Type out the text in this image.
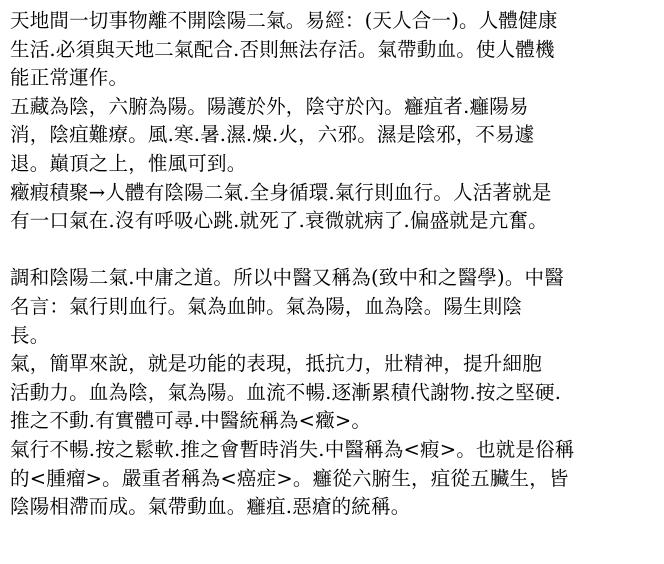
天地間一切事物離不開陰陽二氣。易經：(天人合一)。人體健康
生活.必須與天地二氣配合.否則無法存活。氣帶動血。使人體機
能正常運作。
五藏為陰，六腑為陽。陽護於外，陰守於內。癰疽者.癰陽易
消，陰疽難療。風.寒.暑.濕.燥.火，六邪。濕是陰邪，不易遽
退。巔頂之上，惟風可到。
癥瘕積聚→人體有陰陽二氣.全身循環.氣行則血行。人活著就是
有一口氣在.沒有呼吸心跳.就死了.衰微就病了.偏盛就是亢奮。
調和陰陽二氣.中庸之道。所以中醫又稱為(致中和之醫學)。中醫
名言：氣行則血行。氣為血帥。氣為陽，血為陰。陽生則陰
長。
氣，簡單來說，就是功能的表現，抵抗力，壯精神，提升細胞
活動力。血為陰，氣為陽。血流不暢.逐漸累積代謝物.按之堅硬.
推之不動.有實體可尋.中醫統稱為<癥>。
氣行不暢.按之鬆軟.推之會暫時消失.中醫稱為<瘕>。也就是俗稱
的<腫瘤>。嚴重者稱為<癌症>。癰從六腑生，疽從五臟生，皆
陰陽相滯而成。氣帶動血。癰疽.惡瘡的統稱。
